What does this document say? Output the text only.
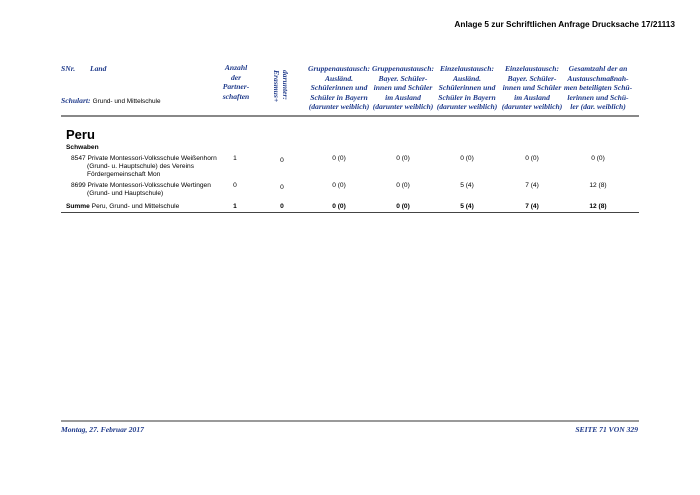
Anlage 5 zur Schriftlichen Anfrage Drucksache 17/21113
SNr. Land
Schulart: Grund- und Mittelschule
Anzahl
der
Partner-
schaften	darunter:
Erasmus+
Gruppenaustausch:
Ausländ.
Schülerinnen und
Schüler in Bayern
(darunter weiblich)
Gruppenaustausch:
Bayer. Schüler-
innen und Schüler
im Ausland
(darunter weiblich)
Einzelaustausch:
Ausländ.
Schülerinnen und
Schüler in Bayern
(darunter weiblich)
Einzelaustausch:
Bayer. Schüler-
innen und Schüler
im Ausland
(darunter weiblich)
Gesamtzahl der an
Austauschmaßnah-
men beteiligten Schü-
lerinnen und Schü-
ler (dar. weiblich)
Peru
Schwaben
8547 Private Montessori-Volksschule Weißenhorn
(Grund- u. Hauptschule) des Vereins
Fördergemeinschaft Mon
1	0	0 (0)	0 (0)	0 (0)	0 (0)	0 (0)
8699 Private Montessori-Volksschule Wertingen
(Grund- und Hauptschule)
0	0	0 (0)	0 (0)	5 (4)	7 (4)	12 (8)
Summe Peru, Grund- und Mittelschule	1	0	0 (0)	0 (0)	5 (4)	7 (4)	12 (8)
Montag, 27. Februar 2017	SEITE 71 VON 329
